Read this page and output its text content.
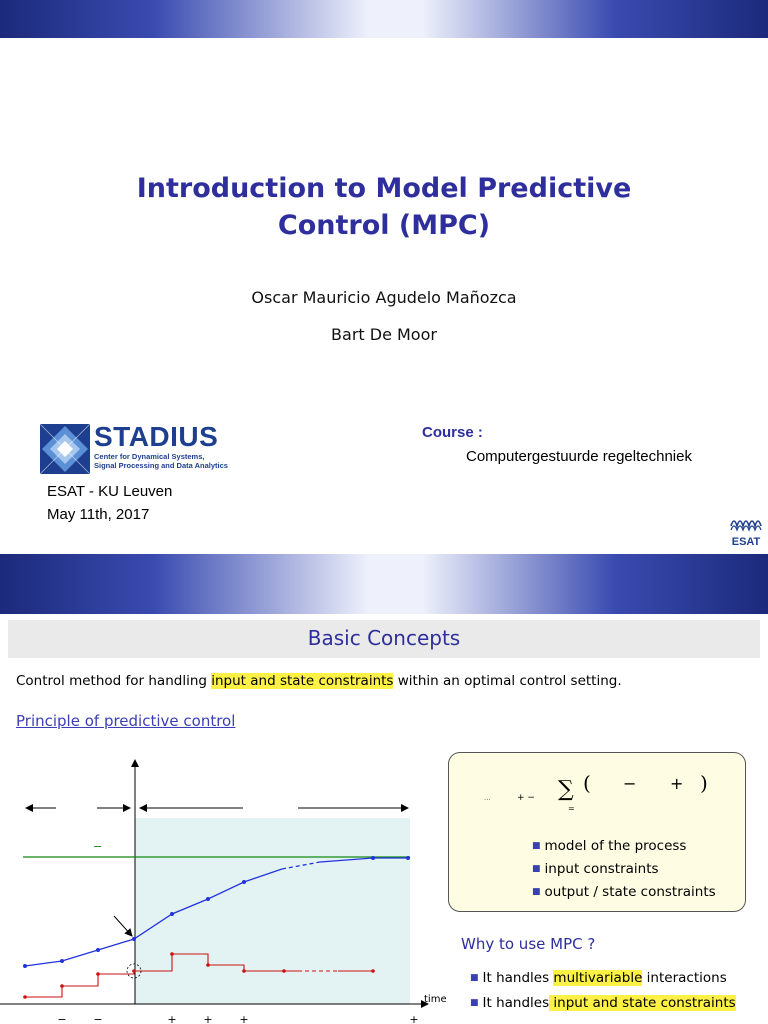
Introduction to Model Predictive
Control (MPC)
Oscar Mauricio Agudelo Mañozca
Bart De Moor
STADIUS
Center for Dynamical Systems,
Signal Processing and Data Analytics
ESAT - KU Leuven
May 11th, 2017
Course :
Computergestuurde regeltechniek
ESAT
Basic Concepts
Control method for handling input and state constraints within an optimal control setting.
Principle of predictive control
time
−
− −	+ + +	+
...	+ − ∑
=
( − + )
■ model of the process
■ input constraints
■ output / state constraints
Why to use MPC ?
■ It handles multivariable interactions
■ It handles input and state constraints
